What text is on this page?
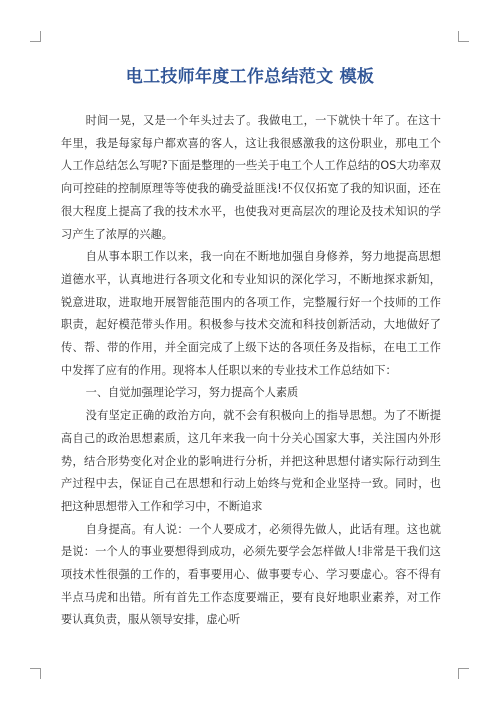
电工技师年度工作总结范文 模板

时间一晃，又是一个年头过去了。我做电工，一下就快十年了。在这十年里，我是每家每户都欢喜的客人，这让我很感激我的这份职业，那电工个人工作总结怎么写呢?下面是整理的一些关于电工个人工作总结的OS大功率双向可控硅的控制原理等等使我的确受益匪浅!不仅仅拓宽了我的知识面，还在很大程度上提高了我的技术水平，也使我对更高层次的理论及技术知识的学习产生了浓厚的兴趣。

自从事本职工作以来，我一向在不断地加强自身修养，努力地提高思想道德水平，认真地进行各项文化和专业知识的深化学习，不断地探求新知，锐意进取，进取地开展智能范围内的各项工作，完整履行好一个技师的工作职责，起好模范带头作用。积极参与技术交流和科技创新活动，大地做好了传、帮、带的作用，并全面完成了上级下达的各项任务及指标，在电工工作中发挥了应有的作用。现将本人任职以来的专业技术工作总结如下：

一、自觉加强理论学习，努力提高个人素质

没有坚定正确的政治方向，就不会有积极向上的指导思想。为了不断提高自己的政治思想素质，这几年来我一向十分关心国家大事，关注国内外形势，结合形势变化对企业的影响进行分析，并把这种思想付诸实际行动到生产过程中去，保证自己在思想和行动上始终与党和企业坚持一致。同时，也把这种思想带入工作和学习中，不断追求

自身提高。有人说：一个人要成才，必须得先做人，此话有理。这也就是说：一个人的事业要想得到成功，必须先要学会怎样做人!非常是干我们这项技术性很强的工作的，看事要用心、做事要专心、学习要虚心。容不得有半点马虎和出错。所有首先工作态度要端正，要有良好地职业素养，对工作要认真负责，服从领导安排，虚心听
